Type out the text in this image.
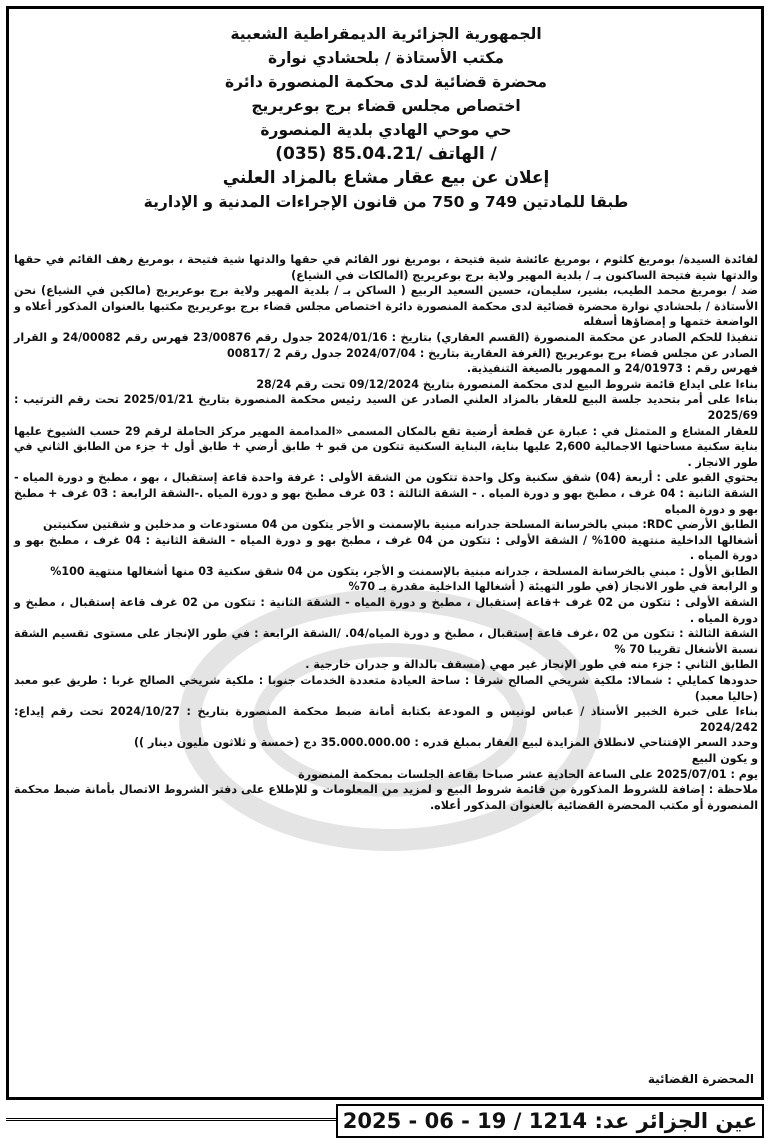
الجمهورية الجزائرية الديمقراطية الشعبية
مكتب الأستاذة / بلحشادي نوارة
محضرة قضائية لدى محكمة المنصورة دائرة
اختصاص مجلس قضاء برج بوعريريج
حي موحي الهادي بلدية المنصورة
/ الهاتف /85.04.21 (035)
إعلان عن بيع عقار مشاع بالمزاد العلني
طبقا للمادتين 749 و 750 من قانون الإجراءات المدنية و الإدارية

لفائدة السيدة/ بومريغ كلثوم ، بومريغ عائشة شية فتيحة ، بومريغ نور القائم في حقها والدتها شية فتيحة ، بومريغ رهف القائم في حقها والدتها شية فتيحة الساكنون بـ / بلدية المهير ولاية برج بوعريريج (المالكات في الشياع)

ضد / بومريغ محمد الطيب، بشير، سليمان، حسين السعيد الربيع ( الساكن بـ / بلدية المهير ولاية برج بوعريريج (مالكين في الشياع) نحن الأستاذة / بلحشادي نوارة محضرة قضائية لدى محكمة المنصورة دائرة اختصاص مجلس قضاء برج بوعريريج مكتبها بالعنوان المذكور أعلاه و الواضعة ختمها و إمضاؤها أسفله

تنفيذا للحكم الصادر عن محكمة المنصورة (القسم العقاري) بتاريخ : 2024/01/16 جدول رقم 23/00876 فهرس رقم 24/00082 و القرار الصادر عن مجلس قضاء برج بوعريريج (الغرفة العقارية بتاريخ : 2024/07/04 جدول رقم 2 /00817

فهرس رقم : 24/01973 و الممهور بالصيغة التنفيذية.

بناءا على ايداع قائمة شروط البيع لدى محكمة المنصورة بتاريخ 09/12/2024 تحت رقم 28/24

بناءا على أمر بتحديد جلسة البيع للعقار بالمزاد العلني الصادر عن السيد رئيس محكمة المنصورة بتاريخ 2025/01/21 تحت رقم الترتيب : 2025/69

للعقار المشاع و المتمثل في : عبارة عن قطعة أرضية تقع بالمكان المسمى «المداممة المهير مركز الحاملة لرقم 29 حسب الشيوخ عليها بناية سكنية مساحتها الاجمالية 2,600 عليها بناية، البناية السكنية تتكون من قبو + طابق أرضي + طابق أول + جزء من الطابق الثاني في طور الانجاز .

يحتوي القبو على : أربعة (04) شقق سكنية وكل واحدة تتكون من الشقة الأولى : غرفة واحدة قاعة إستقبال ، بهو ، مطبخ و دورة المياه - الشقة الثانية : 04 غرف ، مطبخ بهو و دورة المياه . - الشقة الثالثة : 03 غرف مطبخ بهو و دورة المياه .-الشقة الرابعة : 03 غرف + مطبخ بهو و دورة المياه

الطابق الأرضي RDC: مبني بالخرسانة المسلحة جدرانه مبنية بالإسمنت و الأجر يتكون من 04 مستودعات و مدخلين و شقتين سكنيتين

أشغالها الداخلية منتهية 100% / الشقة الأولى : تتكون من 04 غرف ، مطبخ بهو و دورة المياه - الشقة الثانية : 04 غرف ، مطبخ بهو و دورة المياه .

الطابق الأول : مبني بالخرسانة المسلحة ، جدرانه مبنية بالإسمنت و الأجر، يتكون من 04 شقق سكنية 03 منها أشغالها منتهية 100%

و الرابعة في طور الانجاز (في طور التهيئة ( أشغالها الداخلية مقدرة بـ 70%

الشقة الأولى : تتكون من 02 غرف +قاعة إستقبال ، مطبخ و دورة المياه - الشقة الثانية : تتكون من 02 غرف قاعة إستقبال ، مطبخ و دورة المياه .

الشقة الثالثة : تتكون من 02 ،غرف قاعة إستقبال ، مطبخ و دورة المياه/04. /الشقة الرابعة : في طور الإنجاز على مستوى تقسيم الشقة نسبة الأشغال تقريبا 70 %

الطابق الثاني : جزء منه في طور الإنجاز غير مهي (مسقف بالدالة و جدران خارجية .

حدودها كمايلي : شمالا: ملكية شريخي الصالح شرقا : ساحة العيادة متعددة الخدمات جنوبا : ملكية شريخي الصالح غربا : طريق عبو معبد (حاليا معبد)

بناءا على خبرة الخبير الأستاذ / عباس لونيس و المودعة بكتابة أمانة ضبط محكمة المنصورة بتاريخ : 2024/10/27 تحت رقم إيداع: 2024/242

وحدد السعر الإفتتاحي لانطلاق المزايدة لبيع العقار بمبلغ قدره : 35.000.000.00 دج (خمسة و ثلاثون مليون دينار ))

و يكون البيع

يوم : 2025/07/01 على الساعة الحادية عشر صباحا بقاعة الجلسات بمحكمة المنصورة

ملاحظة : إضافة للشروط المذكورة من قائمة شروط البيع و لمزيد من المعلومات و للإطلاع على دفتر الشروط الاتصال بأمانة ضبط محكمة المنصورة أو مكتب المحضرة القضائية بالعنوان المذكور أعلاه.

المحضرة القضائية
عين الجزائر عد: 1214 / 19 - 06 - 2025
